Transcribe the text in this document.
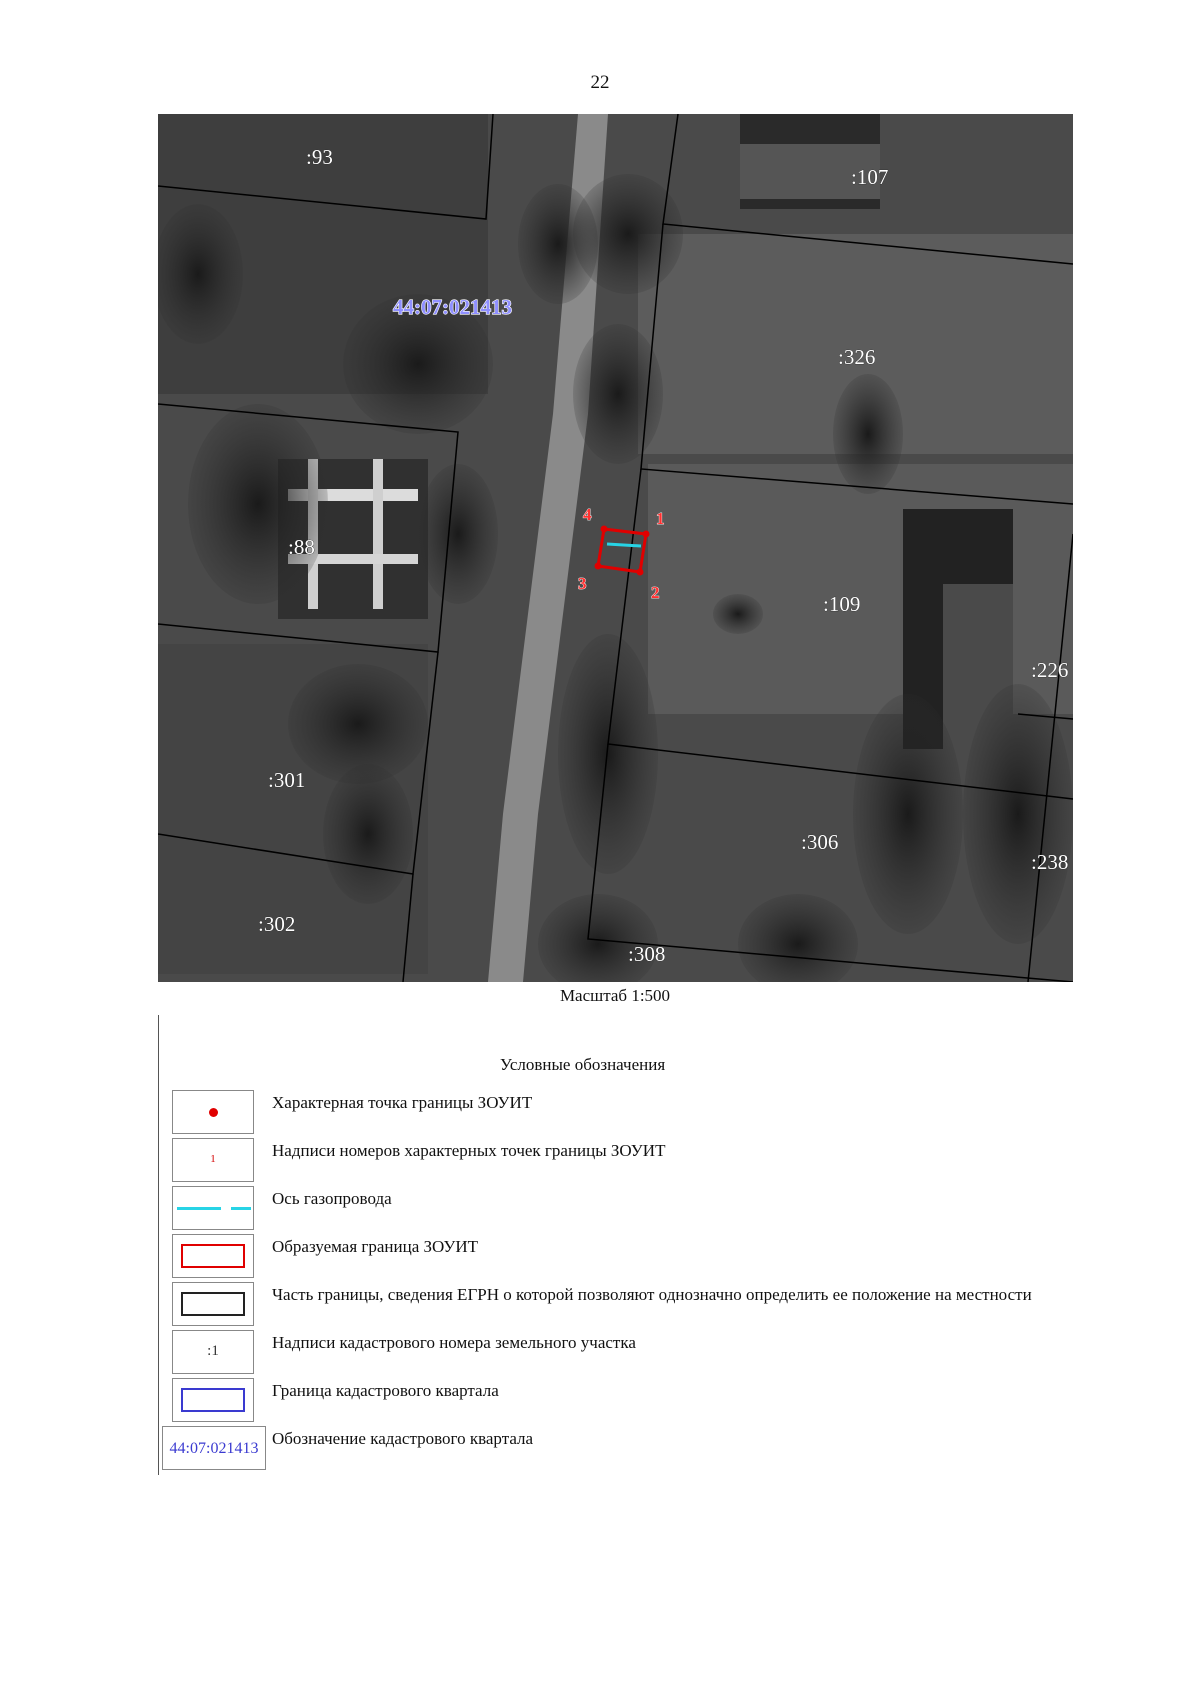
22
1
2
3
4
44:07:021413
:93
:107
:326
:88
:109
:226
:301
:306
:238
:302
:308
Масштаб 1:500
Условные обозначения
Характерная точка границы ЗОУИТ
1	Надписи номеров характерных точек границы ЗОУИТ
Ось газопровода
Образуемая граница ЗОУИТ
Часть границы, сведения ЕГРН о которой позволяют однозначно определить ее положение на местности
:1	Надписи кадастрового номера земельного участка
Граница кадастрового квартала
44:07:021413
Обозначение кадастрового квартала
